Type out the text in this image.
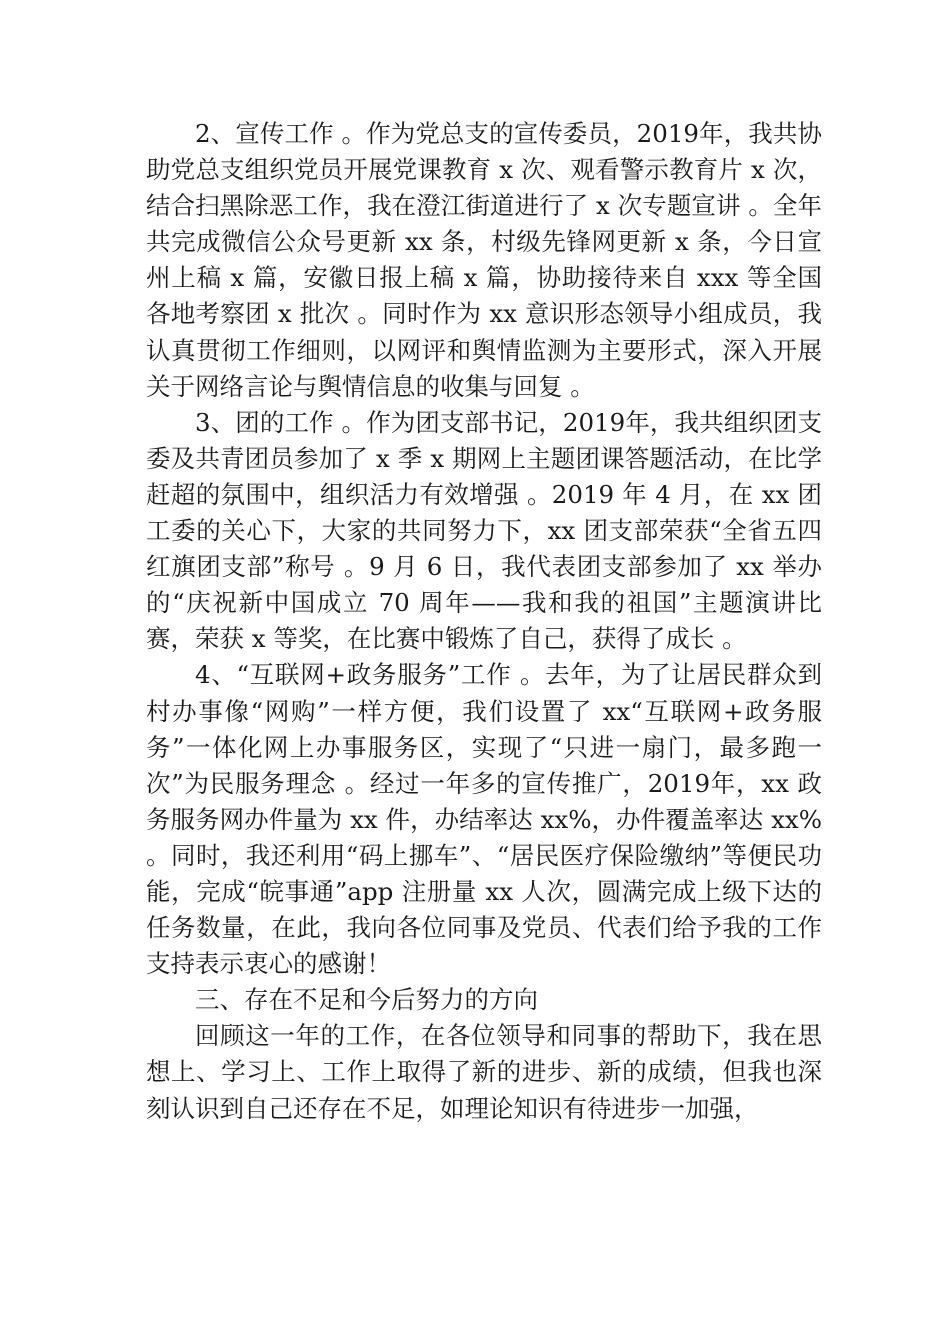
2、宣传工作 。作为党总支的宣传委员，2019年，我共协助党总支组织党员开展党课教育 x 次、观看警示教育片 x 次，结合扫黑除恶工作，我在澄江街道进行了 x 次专题宣讲 。全年共完成微信公众号更新 xx 条，村级先锋网更新 x 条，今日宣州上稿 x 篇，安徽日报上稿 x 篇，协助接待来自 xxx 等全国各地考察团 x 批次 。同时作为 xx 意识形态领导小组成员，我认真贯彻工作细则，以网评和舆情监测为主要形式，深入开展关于网络言论与舆情信息的收集与回复 。

3、团的工作 。作为团支部书记，2019年，我共组织团支委及共青团员参加了 x 季 x 期网上主题团课答题活动，在比学赶超的氛围中，组织活力有效增强 。2019 年 4 月，在 xx 团工委的关心下，大家的共同努力下，xx 团支部荣获“全省五四红旗团支部”称号 。9 月 6 日，我代表团支部参加了 xx 举办的“庆祝新中国成立 70 周年——我和我的祖国”主题演讲比赛，荣获 x 等奖，在比赛中锻炼了自己，获得了成长 。

4、“互联网+政务服务”工作 。去年，为了让居民群众到村办事像“网购”一样方便，我们设置了 xx“互联网+政务服务”一体化网上办事服务区，实现了“只进一扇门，最多跑一次”为民服务理念 。经过一年多的宣传推广，2019年，xx 政务服务网办件量为 xx 件，办结率达 xx%，办件覆盖率达 xx% 。同时，我还利用“码上挪车”、“居民医疗保险缴纳”等便民功能，完成“皖事通”app 注册量 xx 人次，圆满完成上级下达的任务数量，在此，我向各位同事及党员、代表们给予我的工作支持表示衷心的感谢！

三、存在不足和今后努力的方向

回顾这一年的工作，在各位领导和同事的帮助下，我在思想上、学习上、工作上取得了新的进步、新的成绩，但我也深刻认识到自己还存在不足，如理论知识有待进步一加强，
